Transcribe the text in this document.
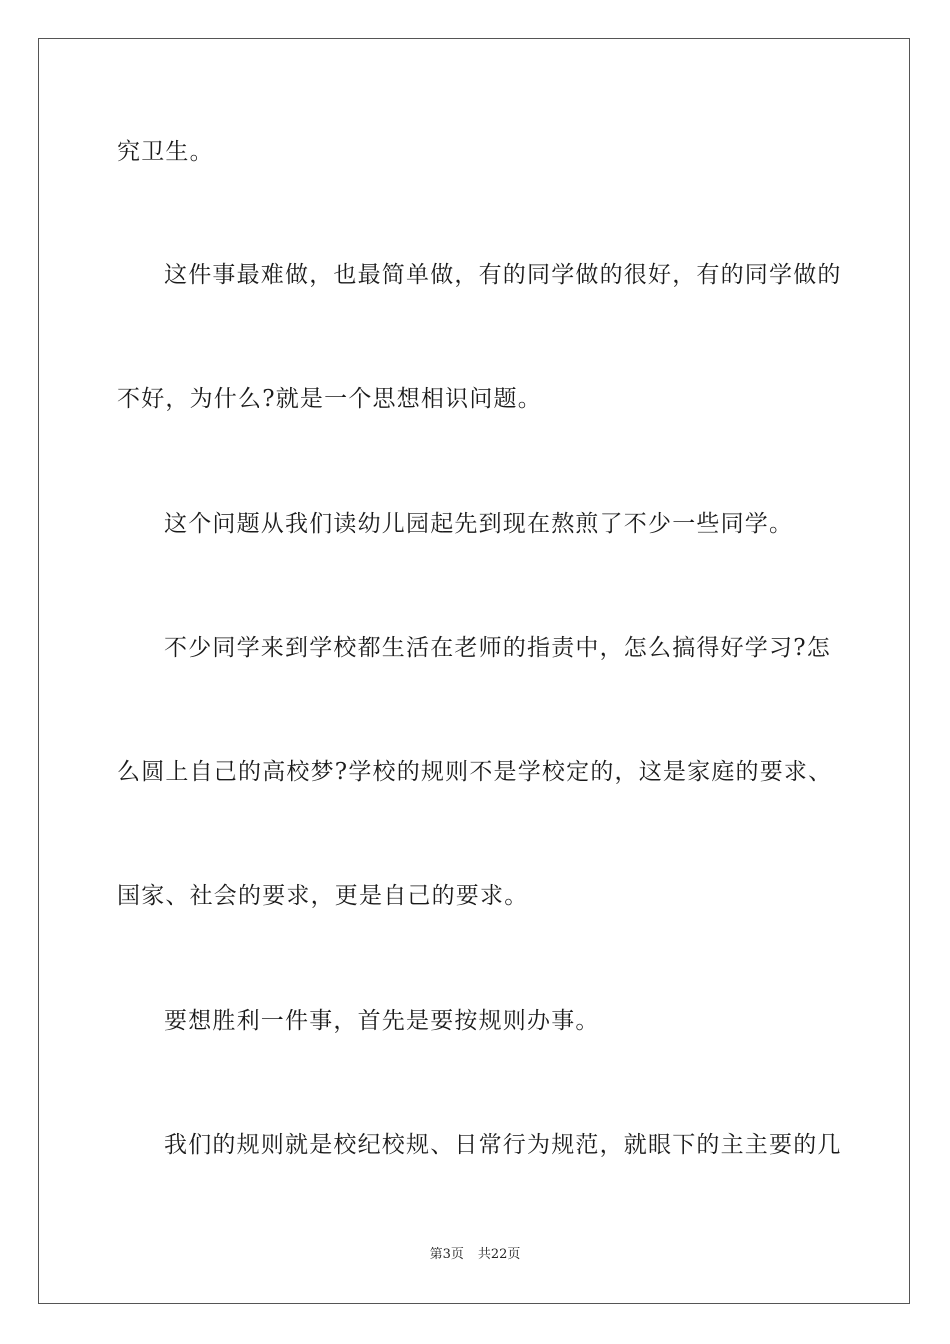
究卫生。
这件事最难做，也最简单做，有的同学做的很好，有的同学做的
不好，为什么?就是一个思想相识问题。
这个问题从我们读幼儿园起先到现在熬煎了不少一些同学。
不少同学来到学校都生活在老师的指责中，怎么搞得好学习?怎
么圆上自己的高校梦?学校的规则不是学校定的，这是家庭的要求、
国家、社会的要求，更是自己的要求。
要想胜利一件事，首先是要按规则办事。
我们的规则就是校纪校规、日常行为规范，就眼下的主主要的几
第3页 共22页
